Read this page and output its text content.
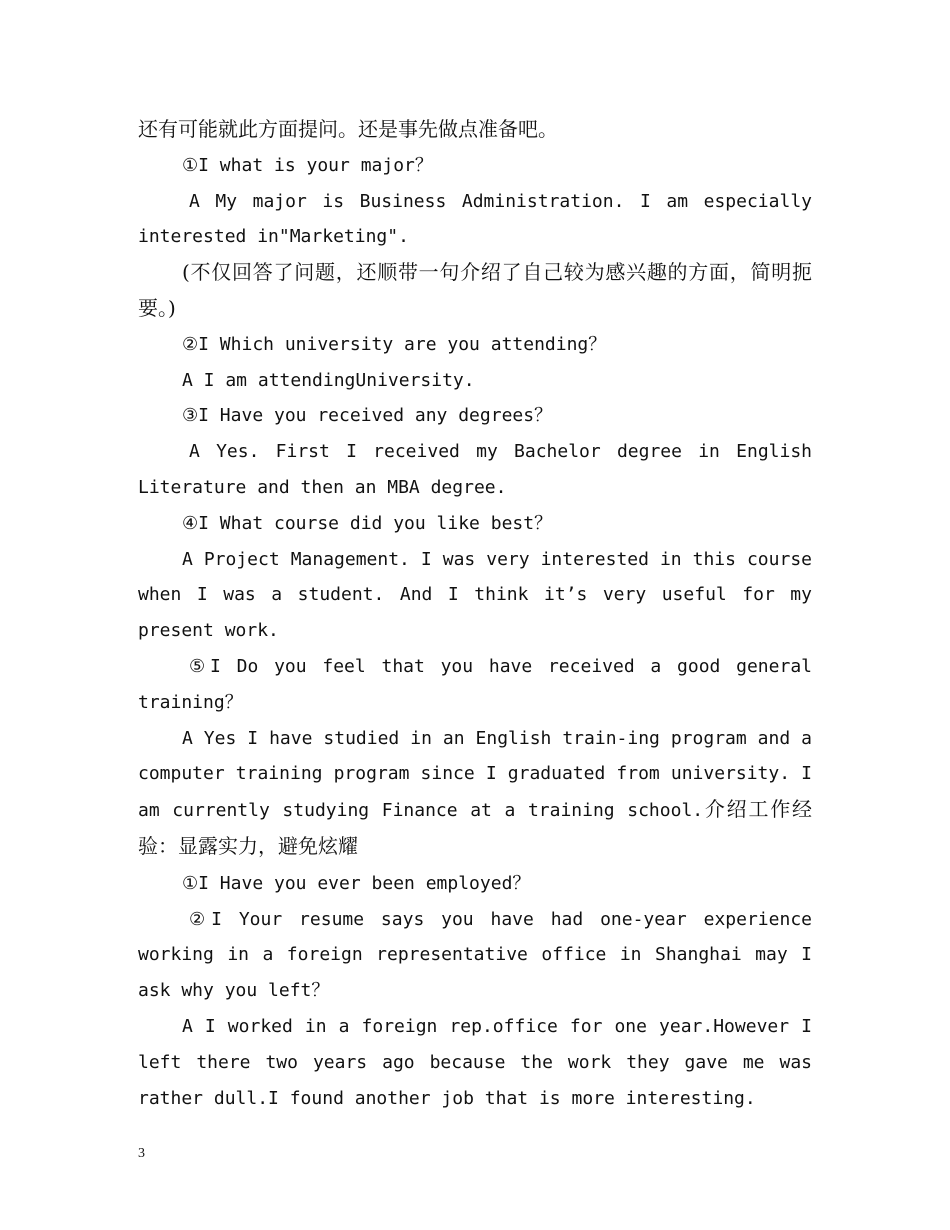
还有可能就此方面提问。还是事先做点准备吧。

①I what is your major？

A My major is Business Administration. I am especially interested in"Marketing".

(不仅回答了问题，还顺带一句介绍了自己较为感兴趣的方面，简明扼要。)

②I Which university are you attending？

A I am attendingUniversity.

③I Have you received any degrees？

A Yes. First I received my Bachelor degree in English Literature and then an MBA degree.

④I What course did you like best？

A Project Management. I was very interested in this course when I was a student. And I think it’s very useful for my present work.

⑤I Do you feel that you have received a good general training？

A Yes I have studied in an English train-ing program and a computer training program since I graduated from university. I am currently studying Finance at a training school.介绍工作经验：显露实力，避免炫耀

①I Have you ever been employed？

②I Your resume says you have had one-year experience working in a foreign representative office in Shanghai may I ask why you left？

A I worked in a foreign rep.office for one year.However I left there two years ago because the work they gave me was rather dull.I found another job that is more interesting.

3
